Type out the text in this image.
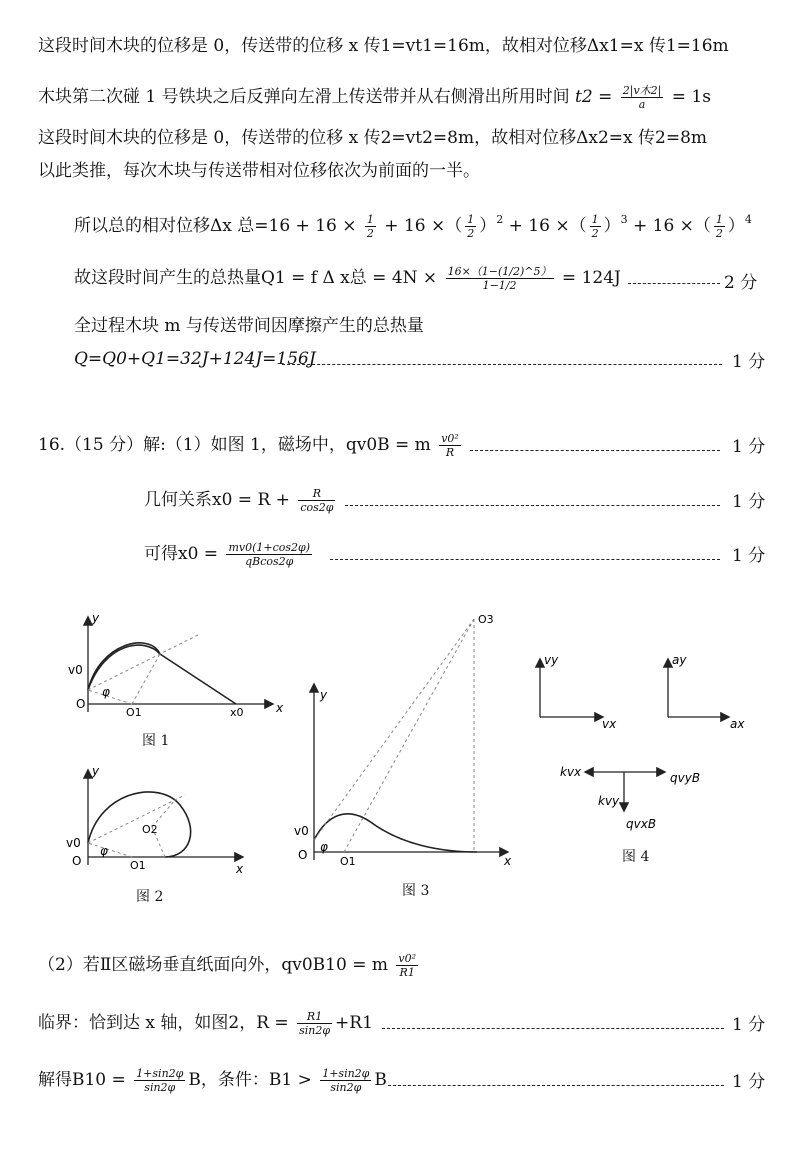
这段时间木块的位移是 0，传送带的位移 x 传1=vt1=16m，故相对位移Δx1=x 传1=16m
木块第二次碰 1 号铁块之后反弹向左滑上传送带并从右侧滑出所用时间 $t2 = \frac{\text{2|v木2|}}{a} = 1s$
这段时间木块的位移是 0，传送带的位移 x 传2=vt2=8m，故相对位移Δx2=x 传2=8m
以此类推，每次木块与传送带相对位移依次为前面的一半。
所以总的相对位移Δx 总$=16 + 16 \times \frac{1}{2} + 16$ ×（ $\frac{1}{2} )^2 + 16$ ×（ $\frac{1}{2} )^3 + 16$ ×（ $\frac{1}{2} )^4$
故这段时间产生的总热量Q1 = f Δ x总 = $4N \times \frac{16\times(1-(1/2)\^{}5)}{1-1/2} = 124J$	2 分
全过程木块 m 与传送带间因摩擦产生的总热量
Q=Q0+Q1=32J+124J=156J	1 分
16.（15 分）解:（1）如图 1，磁场中，qv0B = m $\frac{\text{v0²}}{R}$	1 分
几何关系$x0 = R + \frac{R}{\cos 2\varphi}$	1 分
可得$x0 = \frac{mv0(1+\cos 2\varphi)}{qBcos2\varphi}$	1 分
y
x
O
v0
φ
O1	x0
图 1
y
x
O
v0
φ
O1
O2
图 2
y
x
O
v0
φ
O1
O3
图 3
vy
vx
ay
ax
kvx	qvyB
kvy
qvxB
图 4
（2）若Ⅱ区磁场垂直纸面向外，qv0B10 = m $\frac{\text{v0²}}{R1}$
临界：恰到达 x 轴，如图2，$R = \frac{R1}{\sin 2\varphi} +R1$	1 分
解得$B10 = \frac{1+\sin 2\varphi}{\sin 2\varphi}$ B，条件：$B1 > \frac{1+\sin 2\varphi}{\sin 2\varphi}$ B	1 分
